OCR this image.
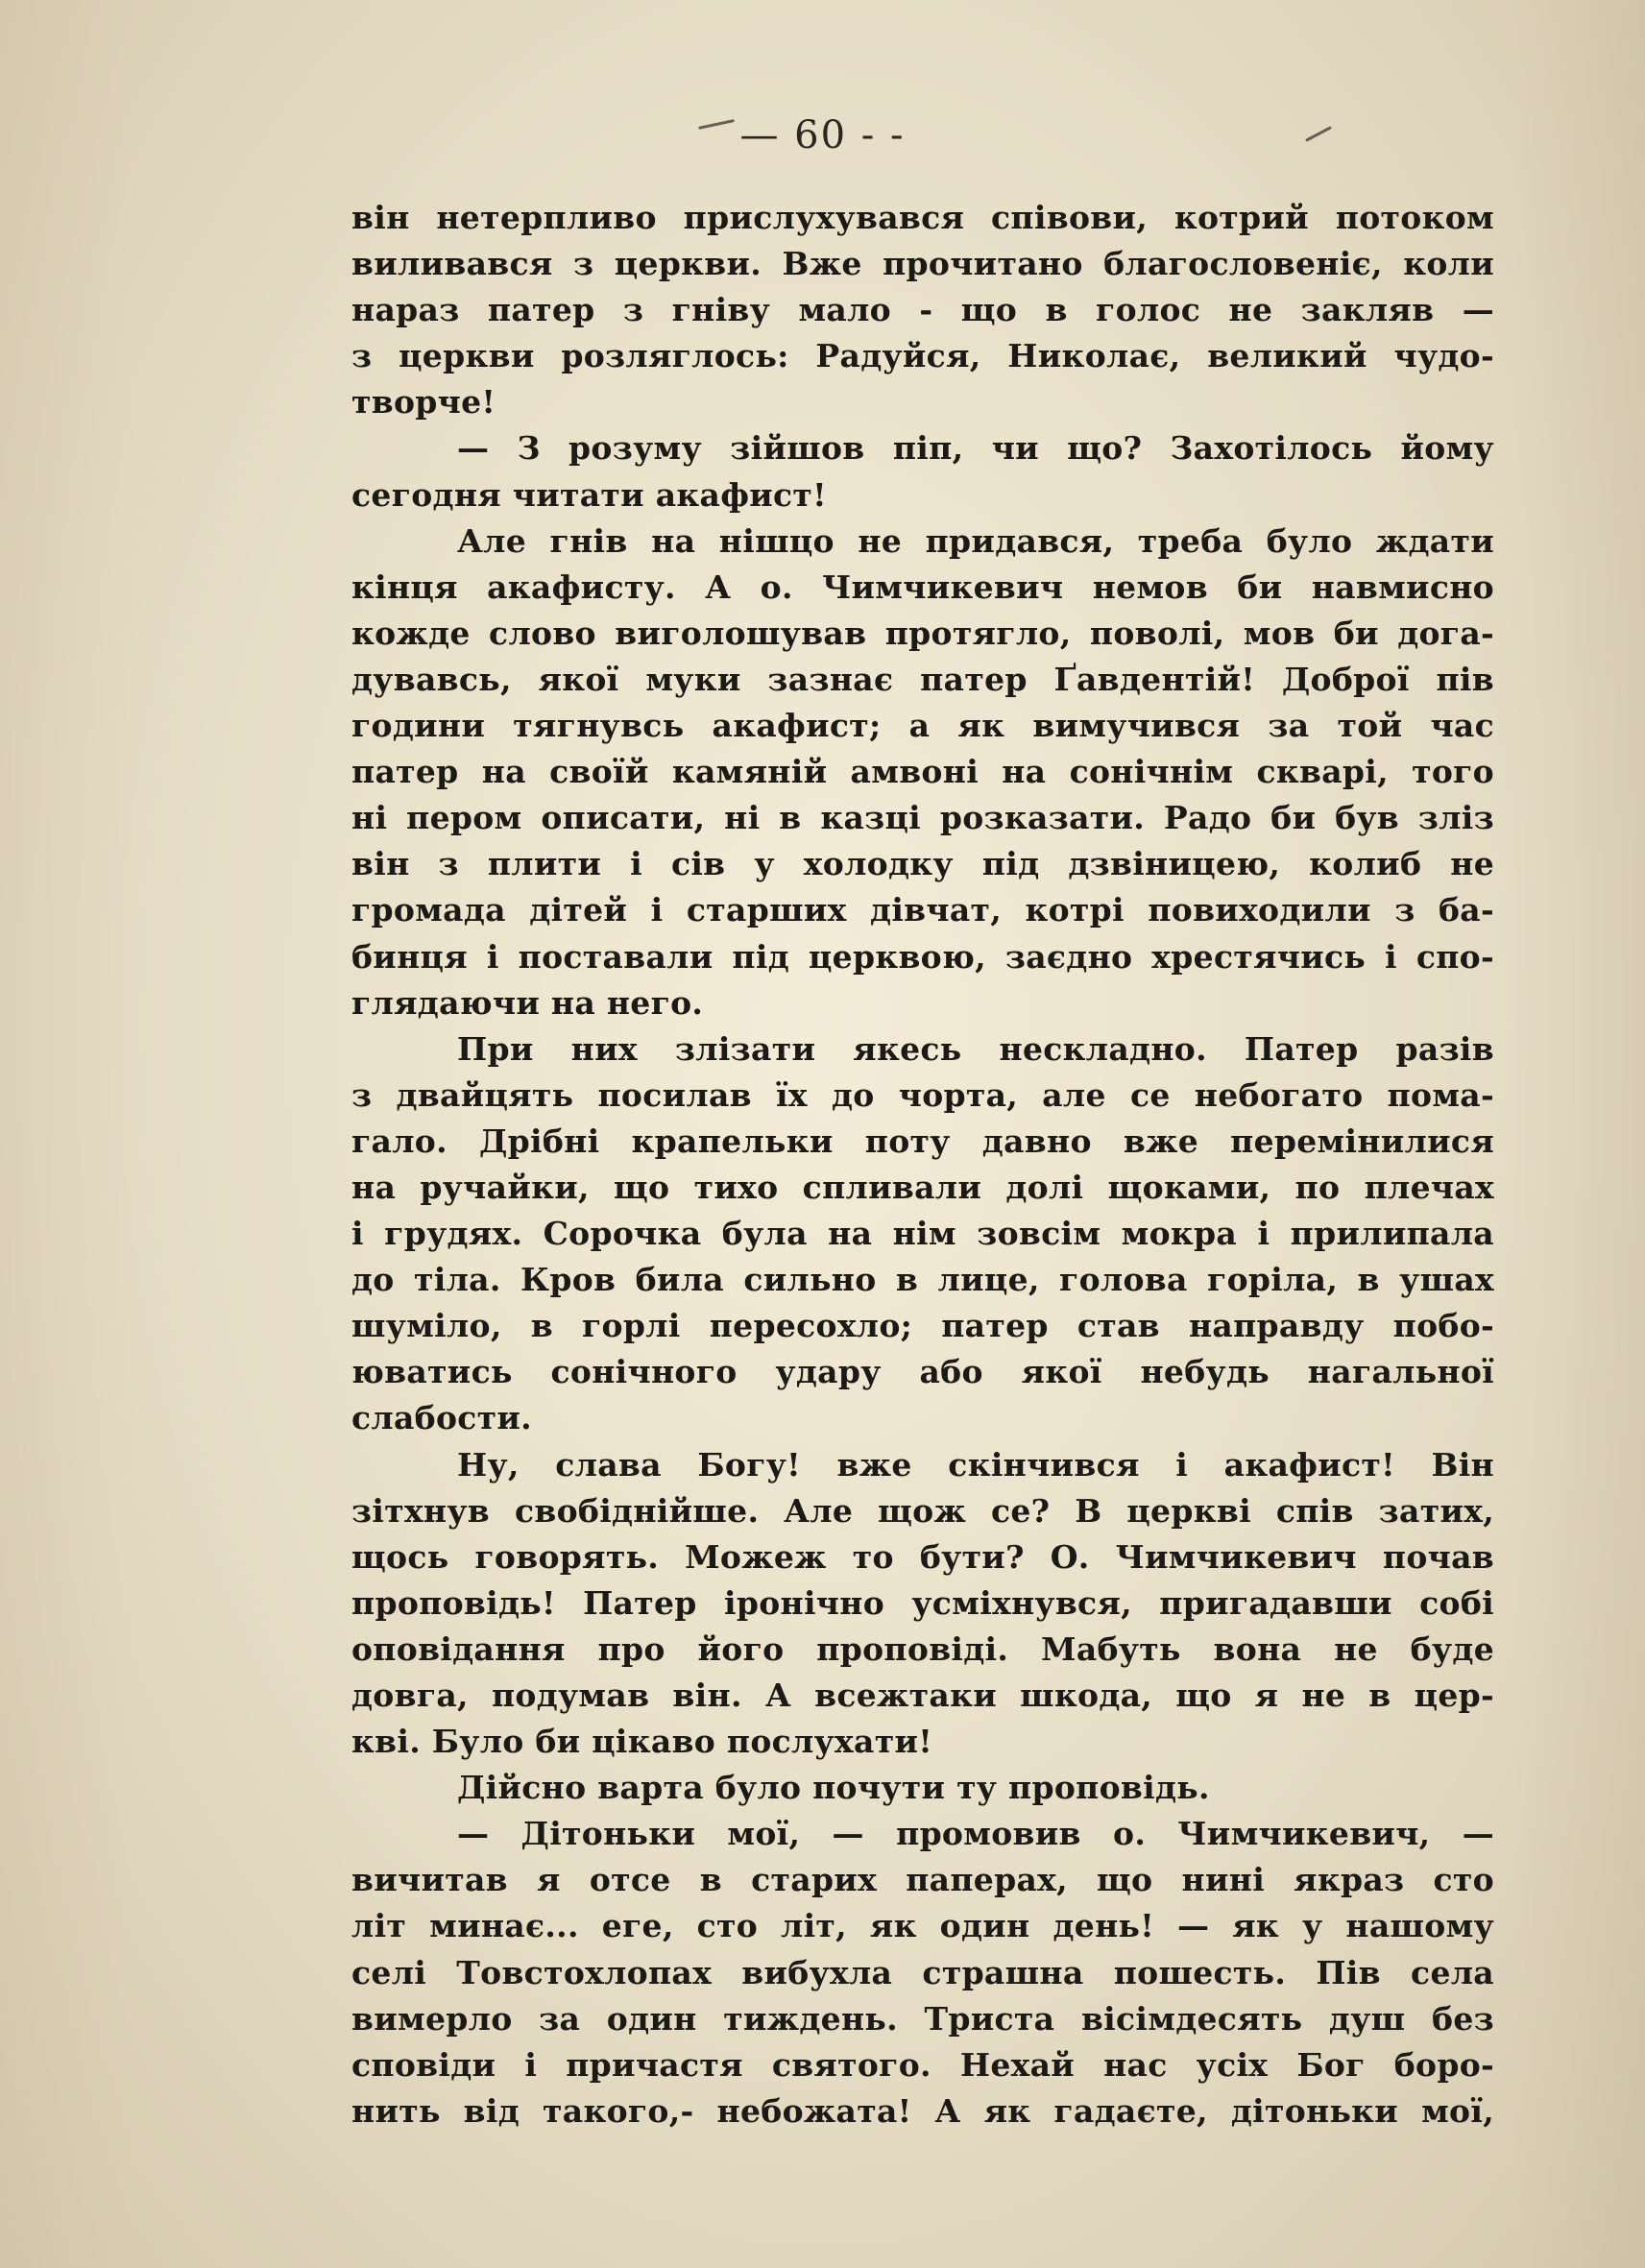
— 60 - -
він нетерпливо прислухувався співови, котрий потоком
виливався з церкви. Вже прочитано благословеніє, коли
нараз патер з гніву мало - що в голос не закляв —
з церкви розляглось: Радуйся, Николає, великий чудо-
творче!
— З розуму зійшов піп, чи що? Захотілось йому
сегодня читати акафист!
Але гнів на нішцо не придався, треба було ждати
кінця акафисту. А о. Чимчикевич немов би навмисно
кожде слово виголошував протягло, поволі, мов би дога-
дувавсь, якої муки зазнає патер Ґавдентій! Доброї пів
години тягнувсь акафист; а як вимучився за той час
патер на своїй камяній амвоні на сонічнім скварі, того
ні пером описати, ні в казці розказати. Радо би був зліз
він з плити і сів у холодку під дзвіницею, колиб не
громада дітей і старших дівчат, котрі повиходили з ба-
бинця і поставали під церквою, заєдно хрестячись і спо-
глядаючи на него.
При них злізати якесь нескладно. Патер разів
з двайцять посилав їх до чорта, але се небогато пома-
гало. Дрібні крапельки поту давно вже перемінилися
на ручайки, що тихо спливали долі щоками, по плечах
і грудях. Сорочка була на нім зовсім мокра і прилипала
до тіла. Кров била сильно в лице, голова горіла, в ушах
шуміло, в горлі пересохло; патер став направду побо-
юватись сонічного удару або якої небудь нагальної
слабости.
Ну, слава Богу! вже скінчився і акафист! Він
зітхнув свобіднійше. Але щож се? В церкві спів затих,
щось говорять. Можеж то бути? О. Чимчикевич почав
проповідь! Патер іронічно усміхнувся, пригадавши собі
оповідання про його проповіді. Мабуть вона не буде
довга, подумав він. А всежтаки шкода, що я не в цер-
кві. Було би цікаво послухати!
Дійсно варта було почути ту проповідь.
— Дітоньки мої, — промовив о. Чимчикевич, —
вичитав я отсе в старих паперах, що нині якраз сто
літ минає... еге, сто літ, як один день! — як у нашому
селі Товстохлопах вибухла страшна пошесть. Пів села
вимерло за один тиждень. Триста вісімдесять душ без
сповіди і причастя святого. Нехай нас усіх Бог боро-
нить від такого,- небожата! А як гадаєте, дітоньки мої,
